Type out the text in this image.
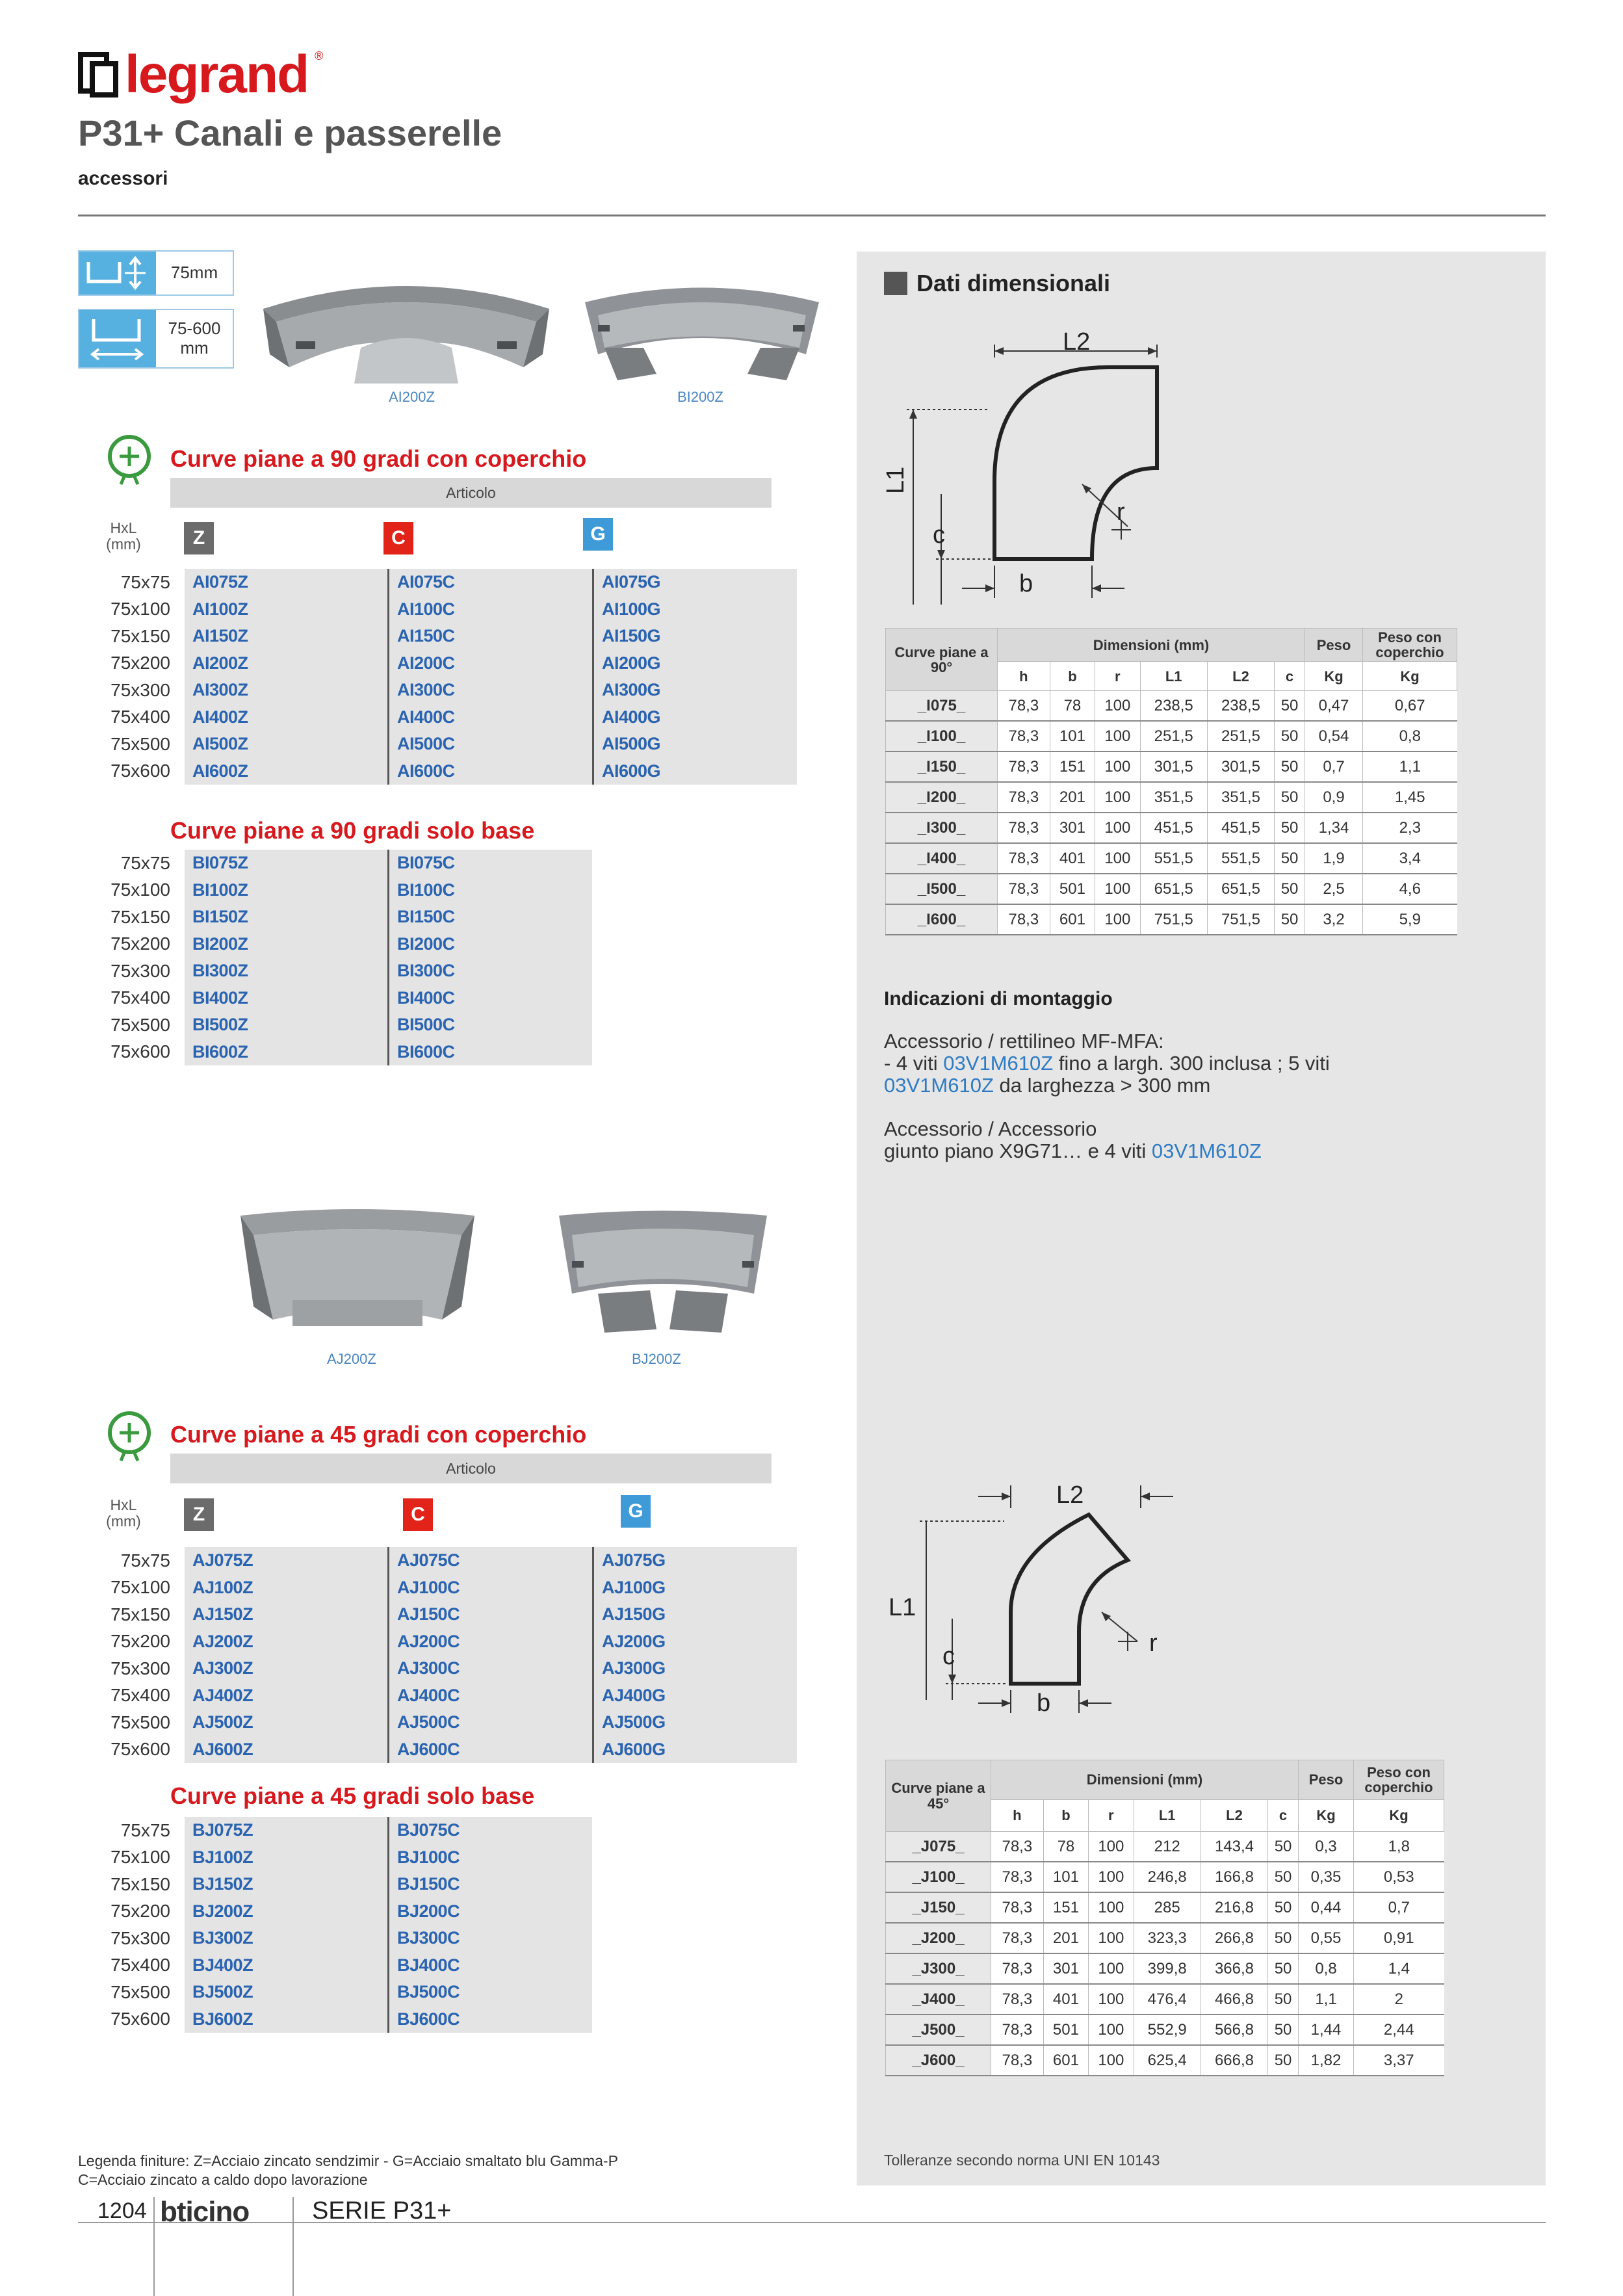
legrand ®
P31+ Canali e passerelle
accessori
75mm
75-600
mm
AI200Z	BI200Z
Curve piane a 90 gradi con coperchio
Articolo
HxL
(mm)	Z	C	G
75x75	AI075Z	AI075C	AI075G
75x100	AI100Z	AI100C	AI100G
75x150	AI150Z	AI150C	AI150G
75x200	AI200Z	AI200C	AI200G
75x300	AI300Z	AI300C	AI300G
75x400	AI400Z	AI400C	AI400G
75x500	AI500Z	AI500C	AI500G
75x600	AI600Z	AI600C	AI600G
Curve piane a 90 gradi solo base
75x75	BI075Z	BI075C
75x100	BI100Z	BI100C
75x150	BI150Z	BI150C
75x200	BI200Z	BI200C
75x300	BI300Z	BI300C
75x400	BI400Z	BI400C
75x500	BI500Z	BI500C
75x600	BI600Z	BI600C
AJ200Z	BJ200Z
Curve piane a 45 gradi con coperchio
Articolo
HxL
(mm)	Z	C	G
75x75	AJ075Z	AJ075C	AJ075G
75x100	AJ100Z	AJ100C	AJ100G
75x150	AJ150Z	AJ150C	AJ150G
75x200	AJ200Z	AJ200C	AJ200G
75x300	AJ300Z	AJ300C	AJ300G
75x400	AJ400Z	AJ400C	AJ400G
75x500	AJ500Z	AJ500C	AJ500G
75x600	AJ600Z	AJ600C	AJ600G
Curve piane a 45 gradi solo base
75x75	BJ075Z	BJ075C
75x100	BJ100Z	BJ100C
75x150	BJ150Z	BJ150C
75x200	BJ200Z	BJ200C
75x300	BJ300Z	BJ300C
75x400	BJ400Z	BJ400C
75x500	BJ500Z	BJ500C
75x600	BJ600Z	BJ600C
Dati dimensionali
L2
L1
r
c
b
Curve piane a 90°	Dimensioni (mm)						Peso	Peso con coperchio
	h	b	r	L1	L2	c	Kg	Kg
_I075_	78,3	78	100	238,5	238,5	50	0,47	0,67
_I100_	78,3	101	100	251,5	251,5	50	0,54	0,8
_I150_	78,3	151	100	301,5	301,5	50	0,7	1,1
_I200_	78,3	201	100	351,5	351,5	50	0,9	1,45
_I300_	78,3	301	100	451,5	451,5	50	1,34	2,3
_I400_	78,3	401	100	551,5	551,5	50	1,9	3,4
_I500_	78,3	501	100	651,5	651,5	50	2,5	4,6
_I600_	78,3	601	100	751,5	751,5	50	3,2	5,9
Indicazioni di montaggio
Accessorio / rettilineo MF-MFA:
- 4 viti 03V1M610Z fino a largh. 300 inclusa ; 5 viti
03V1M610Z da larghezza > 300 mm
Accessorio / Accessorio
giunto piano X9G71… e 4 viti 03V1M610Z
L2
L1
r
c
b
Curve piane a 45°	Dimensioni (mm)						Peso	Peso con coperchio
	h	b	r	L1	L2	c	Kg	Kg
_J075_	78,3	78	100	212	143,4	50	0,3	1,8
_J100_	78,3	101	100	246,8	166,8	50	0,35	0,53
_J150_	78,3	151	100	285	216,8	50	0,44	0,7
_J200_	78,3	201	100	323,3	266,8	50	0,55	0,91
_J300_	78,3	301	100	399,8	366,8	50	0,8	1,4
_J400_	78,3	401	100	476,4	466,8	50	1,1	2
_J500_	78,3	501	100	552,9	566,8	50	1,44	2,44
_J600_	78,3	601	100	625,4	666,8	50	1,82	3,37
Legenda finiture: Z=Acciaio zincato sendzimir - G=Acciaio smaltato blu Gamma-P
C=Acciaio zincato a caldo dopo lavorazione
Tolleranze secondo norma UNI EN 10143
1204 bticino	SERIE P31+
